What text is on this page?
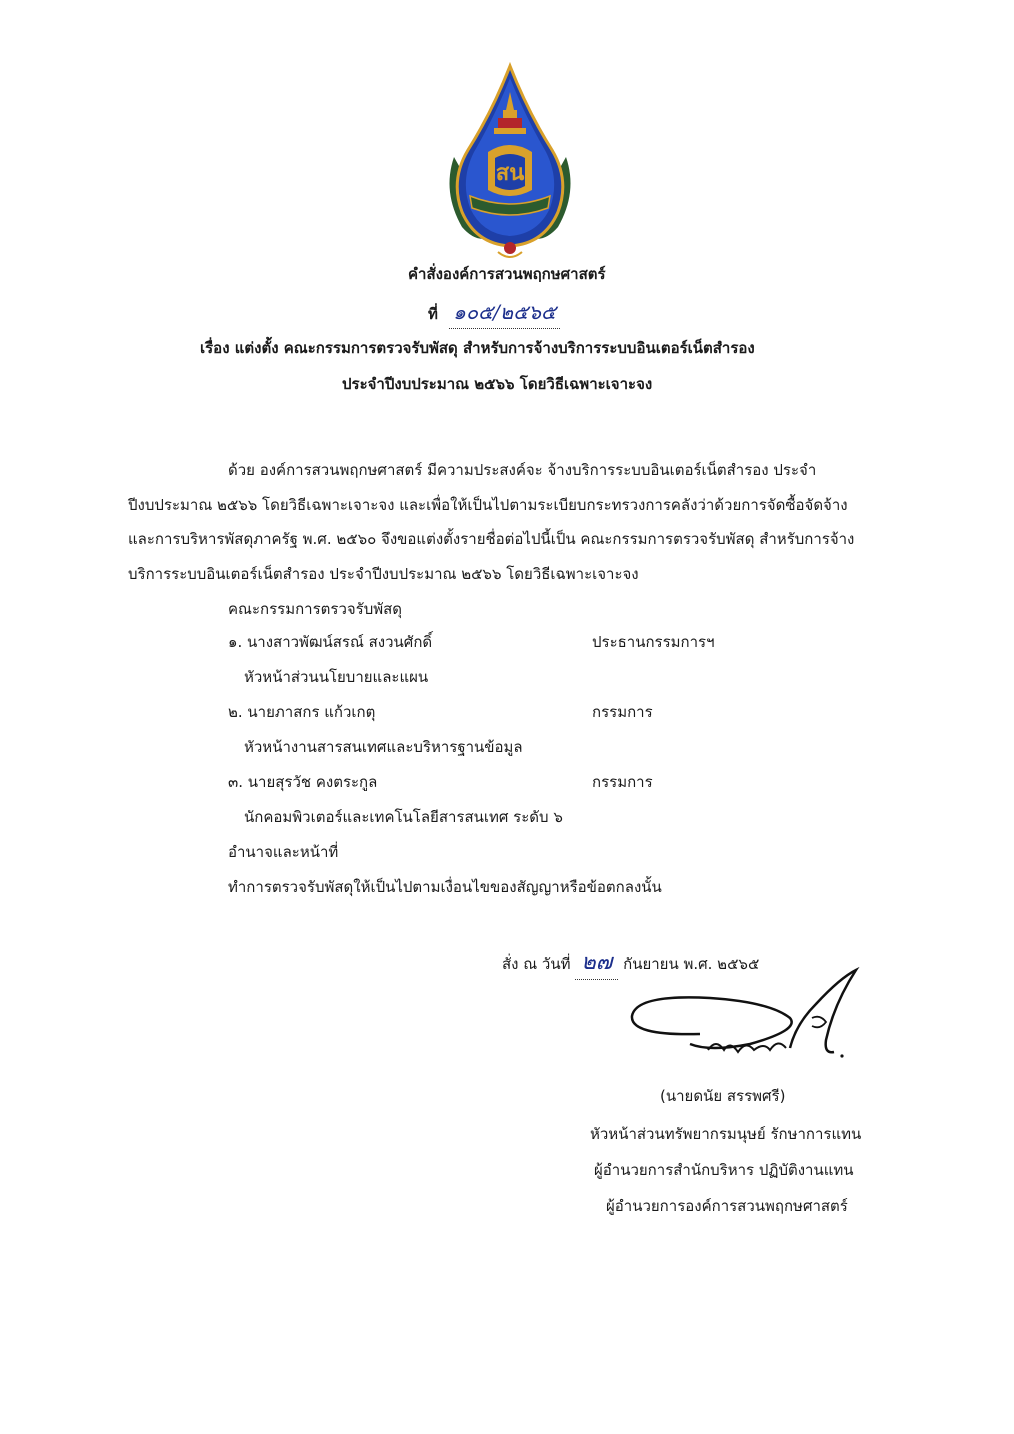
สน
คำสั่งองค์การสวนพฤกษศาสตร์
ที่ ๑๐๕/๒๕๖๕
เรื่อง แต่งตั้ง คณะกรรมการตรวจรับพัสดุ สำหรับการจ้างบริการระบบอินเตอร์เน็ตสำรอง
ประจำปีงบประมาณ ๒๕๖๖ โดยวิธีเฉพาะเจาะจง
ด้วย องค์การสวนพฤกษศาสตร์ มีความประสงค์จะ จ้างบริการระบบอินเตอร์เน็ตสำรอง ประจำ
ปีงบประมาณ ๒๕๖๖ โดยวิธีเฉพาะเจาะจง และเพื่อให้เป็นไปตามระเบียบกระทรวงการคลังว่าด้วยการจัดซื้อจัดจ้าง
และการบริหารพัสดุภาครัฐ พ.ศ. ๒๕๖๐ จึงขอแต่งตั้งรายชื่อต่อไปนี้เป็น คณะกรรมการตรวจรับพัสดุ สำหรับการจ้าง
บริการระบบอินเตอร์เน็ตสำรอง ประจำปีงบประมาณ ๒๕๖๖ โดยวิธีเฉพาะเจาะจง
คณะกรรมการตรวจรับพัสดุ
๑. นางสาวพัฒน์สรณ์ สงวนศักดิ์	ประธานกรรมการฯ
หัวหน้าส่วนนโยบายและแผน
๒. นายภาสกร แก้วเกตุ	กรรมการ
หัวหน้างานสารสนเทศและบริหารฐานข้อมูล
๓. นายสุรวัช คงตระกูล	กรรมการ
นักคอมพิวเตอร์และเทคโนโลยีสารสนเทศ ระดับ ๖
อำนาจและหน้าที่
ทำการตรวจรับพัสดุให้เป็นไปตามเงื่อนไขของสัญญาหรือข้อตกลงนั้น
สั่ง ณ วันที่ ๒๗ กันยายน พ.ศ. ๒๕๖๕
(นายดนัย สรรพศรี)
หัวหน้าส่วนทรัพยากรมนุษย์ รักษาการแทน
ผู้อำนวยการสำนักบริหาร ปฏิบัติงานแทน
ผู้อำนวยการองค์การสวนพฤกษศาสตร์
